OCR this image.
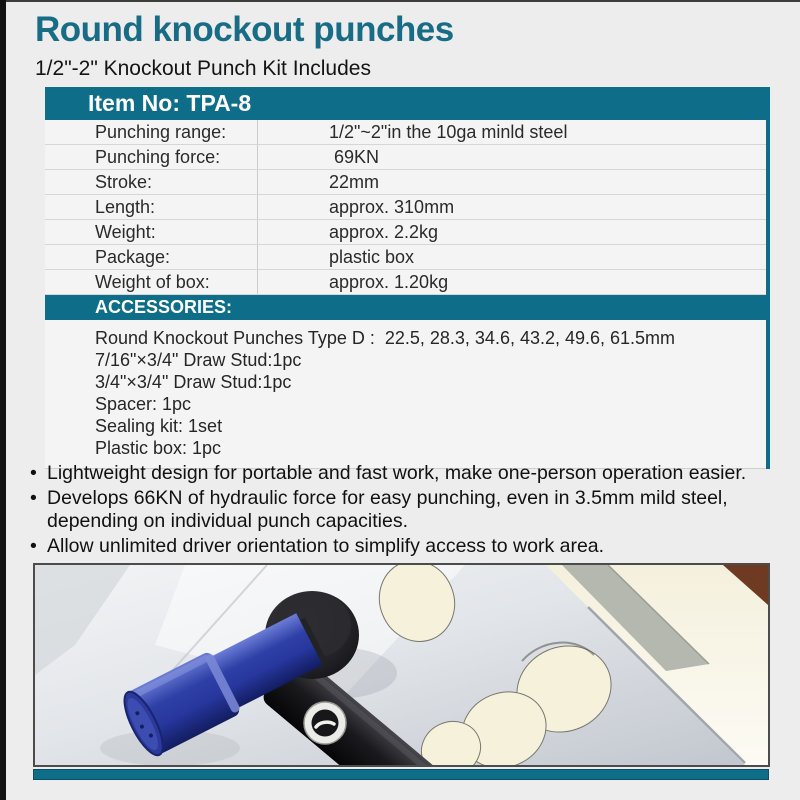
Round knockout punches
1/2"-2" Knockout Punch Kit Includes
Item No: TPA-8
Punching range:	1/2"~2"in the 10ga minld steel
Punching force:	69KN
Stroke:	22mm
Length:	approx. 310mm
Weight:	approx. 2.2kg
Package:	plastic box
Weight of box:	approx. 1.20kg
ACCESSORIES:
Round Knockout Punches Type D :  22.5, 28.3, 34.6, 43.2, 49.6, 61.5mm
7/16"×3/4" Draw Stud:1pc
3/4"×3/4" Draw Stud:1pc
Spacer: 1pc
Sealing kit: 1set
Plastic box: 1pc
• Lightweight design for portable and fast work, make one-person operation easier.
• Develops 66KN of hydraulic force for easy punching, even in 3.5mm mild steel, depending on individual punch capacities.
• Allow unlimited driver orientation to simplify access to work area.
